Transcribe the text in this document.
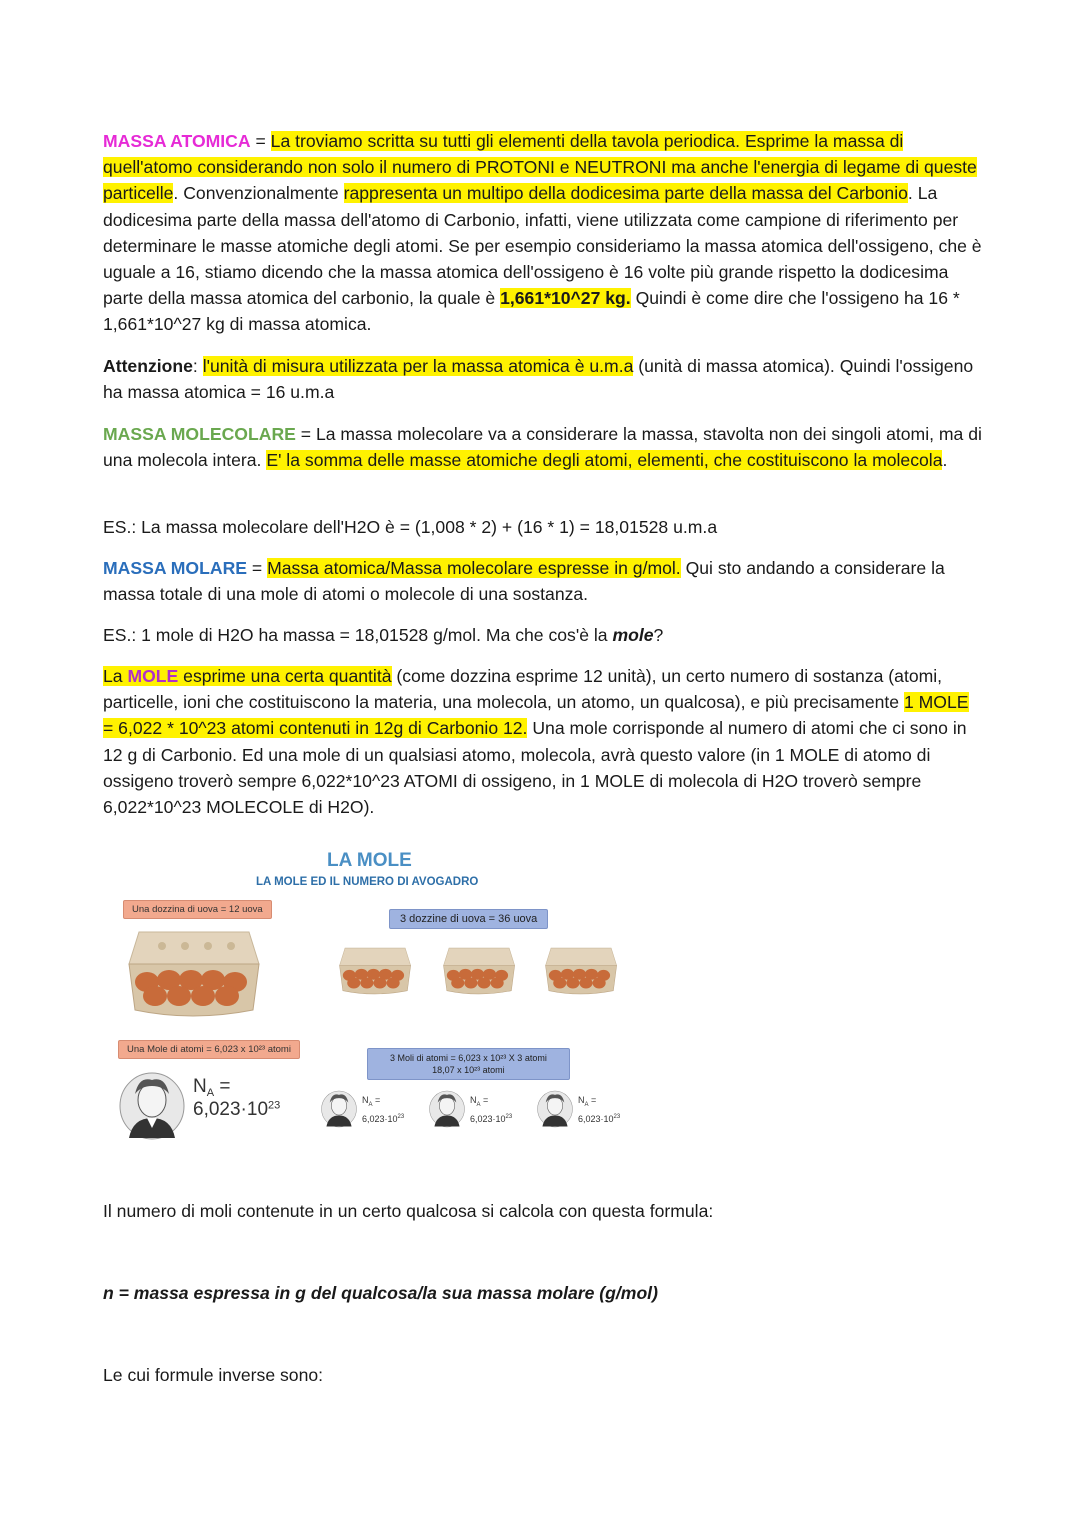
MASSA ATOMICA = La troviamo scritta su tutti gli elementi della tavola periodica. Esprime la massa di quell'atomo considerando non solo il numero di PROTONI e NEUTRONI ma anche l'energia di legame di queste particelle. Convenzionalmente rappresenta un multipo della dodicesima parte della massa del Carbonio. La dodicesima parte della massa dell'atomo di Carbonio, infatti, viene utilizzata come campione di riferimento per determinare le masse atomiche degli atomi. Se per esempio consideriamo la massa atomica dell'ossigeno, che è uguale a 16, stiamo dicendo che la massa atomica dell'ossigeno è 16 volte più grande rispetto la dodicesima parte della massa atomica del carbonio, la quale è 1,661*10^27 kg. Quindi è come dire che l'ossigeno ha 16 * 1,661*10^27 kg di massa atomica.

Attenzione: l'unità di misura utilizzata per la massa atomica è u.m.a (unità di massa atomica). Quindi l'ossigeno ha massa atomica = 16 u.m.a

MASSA MOLECOLARE = La massa molecolare va a considerare la massa, stavolta non dei singoli atomi, ma di una molecola intera. E' la somma delle masse atomiche degli atomi, elementi, che costituiscono la molecola.

ES.: La massa molecolare dell'H2O è = (1,008 * 2) + (16 * 1) = 18,01528 u.m.a

MASSA MOLARE = Massa atomica/Massa molecolare espresse in g/mol. Qui sto andando a considerare la massa totale di una mole di atomi o molecole di una sostanza.

ES.: 1 mole di H2O ha massa = 18,01528 g/mol. Ma che cos'è la mole?

La MOLE esprime una certa quantità (come dozzina esprime 12 unità), un certo numero di sostanza (atomi, particelle, ioni che costituiscono la materia, una molecola, un atomo, un qualcosa), e più precisamente 1 MOLE = 6,022 * 10^23 atomi contenuti in 12g di Carbonio 12. Una mole corrisponde al numero di atomi che ci sono in 12 g di Carbonio. Ed una mole di un qualsiasi atomo, molecola, avrà questo valore (in 1 MOLE di atomo di ossigeno troverò sempre 6,022*10^23 ATOMI di ossigeno, in 1 MOLE di molecola di H2O troverò sempre 6,022*10^23 MOLECOLE di H2O).

LA MOLE
LA MOLE ED IL NUMERO DI AVOGADRO
Una dozzina di uova = 12 uova
3 dozzine di uova = 36 uova
Una Mole di atomi = 6,023 x 10²³ atomi
3 Moli di atomi = 6,023 x 10²³ X 3 atomi
18,07 x 10²³ atomi
$N_A$ =
$6,023\cdot 10^{23}$	$N_A$ =
$6,023\cdot 10^{23}$
$N_A$ =
$6,023\cdot 10^{23}$
$N_A$ =
$6,023\cdot 10^{23}$

Il numero di moli contenute in un certo qualcosa si calcola con questa formula:

n = massa espressa in g del qualcosa/la sua massa molare (g/mol)

Le cui formule inverse sono:
